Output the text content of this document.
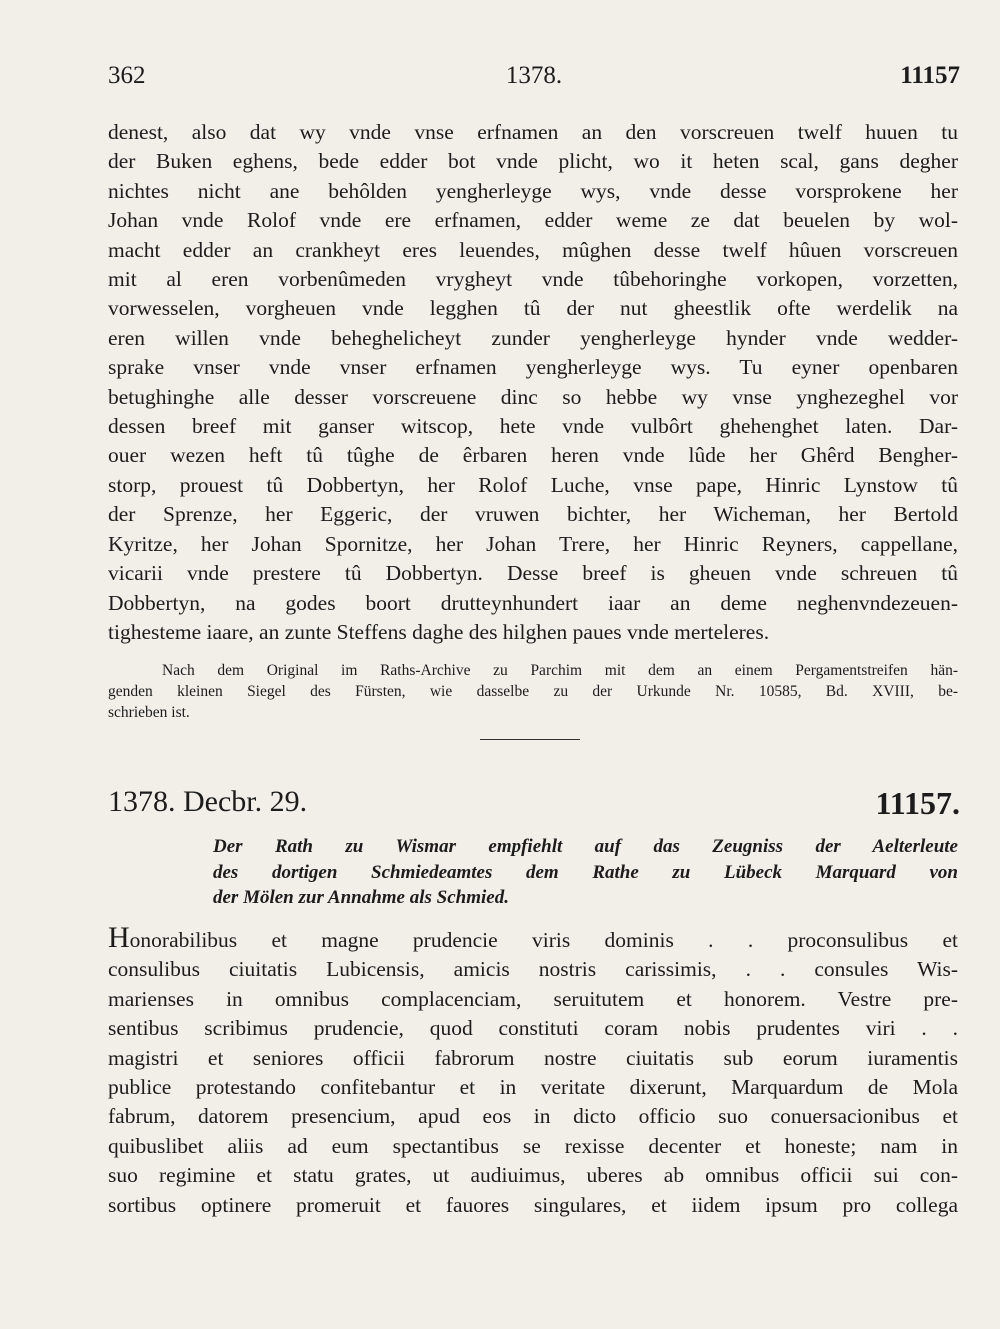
362	1378.	11157
denest, also dat wy vnde vnse erfnamen an den vorscreuen twelf huuen tu
der Buken eghens, bede edder bot vnde plicht, wo it heten scal, gans degher
nichtes nicht ane behôlden yengherleyge wys, vnde desse vorsprokene her
Johan vnde Rolof vnde ere erfnamen, edder weme ze dat beuelen by wol-
macht edder an crankheyt eres leuendes, mûghen desse twelf hûuen vorscreuen
mit al eren vorbenûmeden vrygheyt vnde tûbehoringhe vorkopen, vorzetten,
vorwesselen, vorgheuen vnde legghen tû der nut gheestlik ofte werdelik na
eren willen vnde beheghelicheyt zunder yengherleyge hynder vnde wedder-
sprake vnser vnde vnser erfnamen yengherleyge wys. Tu eyner openbaren
betughinghe alle desser vorscreuene dinc so hebbe wy vnse ynghezeghel vor
dessen breef mit ganser witscop, hete vnde vulbôrt ghehenghet laten. Dar-
ouer wezen heft tû tûghe de êrbaren heren vnde lûde her Ghêrd Bengher-
storp, prouest tû Dobbertyn, her Rolof Luche, vnse pape, Hinric Lynstow tû
der Sprenze, her Eggeric, der vruwen bichter, her Wicheman, her Bertold
Kyritze, her Johan Spornitze, her Johan Trere, her Hinric Reyners, cappellane,
vicarii vnde prestere tû Dobbertyn. Desse breef is gheuen vnde schreuen tû
Dobbertyn, na godes boort drutteynhundert iaar an deme neghenvndezeuen-
tighesteme iaare, an zunte Steffens daghe des hilghen paues vnde merteleres.
Nach dem Original im Raths-Archive zu Parchim mit dem an einem Pergamentstreifen hän-
genden kleinen Siegel des Fürsten, wie dasselbe zu der Urkunde Nr. 10585, Bd. XVIII, be-
schrieben ist.
1378. Decbr. 29.	11157.
Der Rath zu Wismar empfiehlt auf das Zeugniss der Aelterleute
des dortigen Schmiedeamtes dem Rathe zu Lübeck Marquard von
der Mölen zur Annahme als Schmied.
Honorabilibus et magne prudencie viris dominis . . proconsulibus et
consulibus ciuitatis Lubicensis, amicis nostris carissimis, . . consules Wis-
marienses in omnibus complacenciam, seruitutem et honorem. Vestre pre-
sentibus scribimus prudencie, quod constituti coram nobis prudentes viri . .
magistri et seniores officii fabrorum nostre ciuitatis sub eorum iuramentis
publice protestando confitebantur et in veritate dixerunt, Marquardum de Mola
fabrum, datorem presencium, apud eos in dicto officio suo conuersacionibus et
quibuslibet aliis ad eum spectantibus se rexisse decenter et honeste; nam in
suo regimine et statu grates, ut audiuimus, uberes ab omnibus officii sui con-
sortibus optinere promeruit et fauores singulares, et iidem ipsum pro collega
